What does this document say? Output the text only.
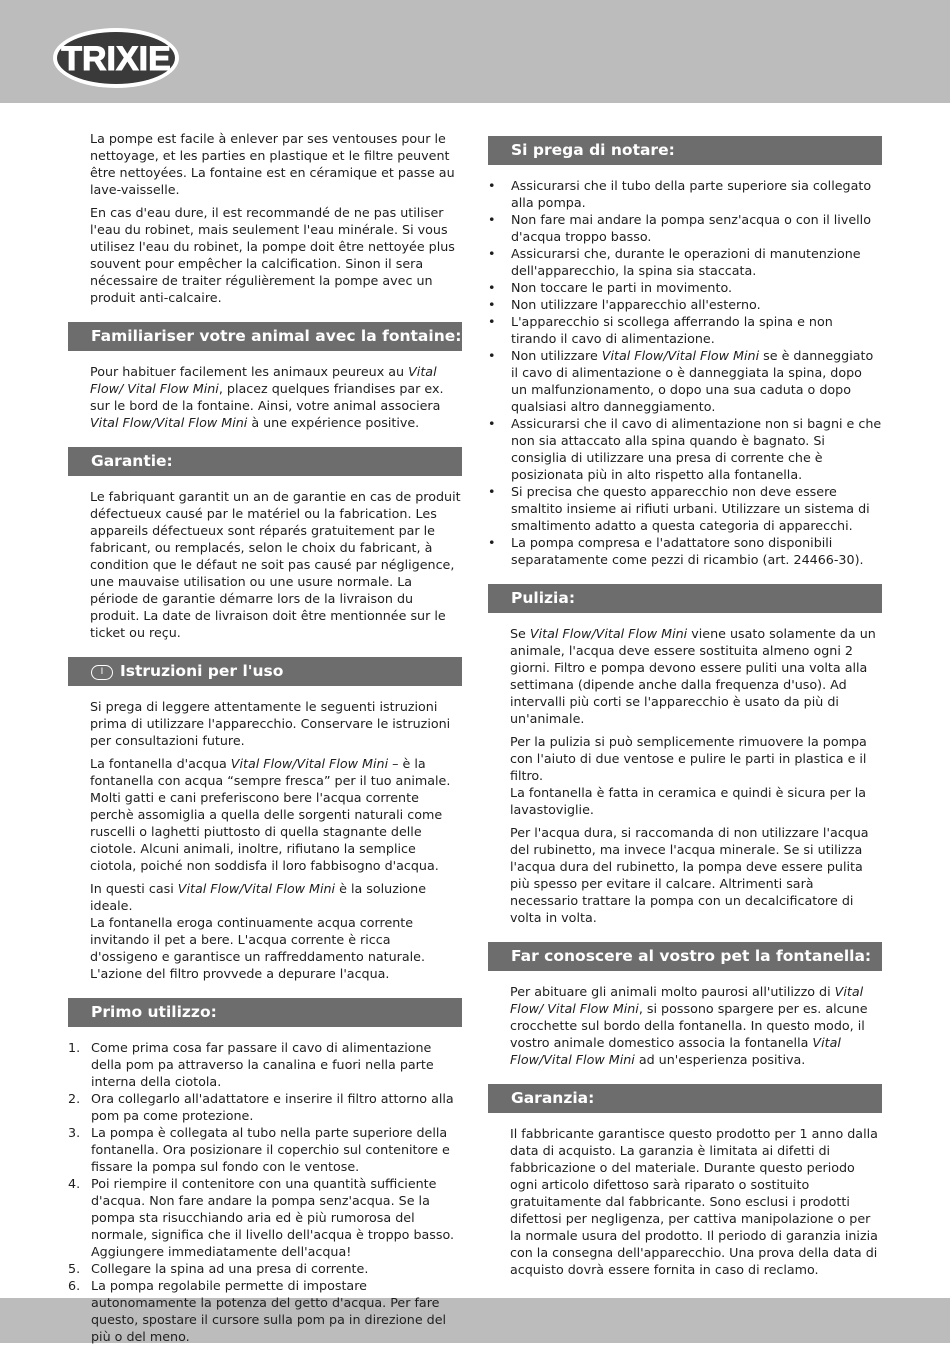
TRIXIE

La pompe est facile à enlever par ses ventouses pour le nettoyage, et les parties en plastique et le filtre peuvent être nettoyées. La fontaine est en céramique et passe au lave-vaisselle.

En cas d'eau dure, il est recommandé de ne pas utiliser l'eau du robinet, mais seulement l'eau minérale. Si vous utilisez l'eau du robinet, la pompe doit être nettoyée plus souvent pour empêcher la calcification. Sinon il sera nécessaire de traiter régulièrement la pompe avec un produit anti-calcaire.

Familiariser votre animal avec la fontaine:

Pour habituer facilement les animaux peureux au Vital Flow/ Vital Flow Mini, placez quelques friandises par ex. sur le bord de la fontaine. Ainsi, votre animal associera Vital Flow/Vital Flow Mini à une expérience positive.

Garantie:

Le fabriquant garantit un an de garantie en cas de produit défectueux causé par le matériel ou la fabrication. Les appareils défectueux sont réparés gratuitement par le fabricant, ou remplacés, selon le choix du fabricant, à condition que le défaut ne soit pas causé par négligence, une mauvaise utilisation ou une usure normale. La période de garantie démarre lors de la livraison du produit. La date de livraison doit être mentionnée sur le ticket ou reçu.

I Istruzioni per l'uso

Si prega di leggere attentamente le seguenti istruzioni prima di utilizzare l'apparecchio. Conservare le istruzioni per consultazioni future.

La fontanella d'acqua Vital Flow/Vital Flow Mini – è la fontanella con acqua “sempre fresca” per il tuo animale. Molti gatti e cani preferiscono bere l'acqua corrente perchè assomiglia a quella delle sorgenti naturali come ruscelli o laghetti piuttosto di quella stagnante delle ciotole. Alcuni animali, inoltre, rifiutano la semplice ciotola, poiché non soddisfa il loro fabbisogno d'acqua.

In questi casi Vital Flow/Vital Flow Mini è la soluzione ideale.
La fontanella eroga continuamente acqua corrente invitando il pet a bere. L'acqua corrente è ricca d'ossigeno e garantisce un raffreddamento naturale. L'azione del filtro provvede a depurare l'acqua.

Primo utilizzo:
1. Come prima cosa far passare il cavo di alimentazione della pom pa attraverso la canalina e fuori nella parte interna della ciotola.
2. Ora collegarlo all'adattatore e inserire il filtro attorno alla pom pa come protezione.
3. La pompa è collegata al tubo nella parte superiore della fontanella. Ora posizionare il coperchio sul contenitore e fissare la pompa sul fondo con le ventose.
4. Poi riempire il contenitore con una quantità sufficiente d'acqua. Non fare andare la pompa senz'acqua. Se la pompa sta risucchiando aria ed è più rumorosa del normale, significa che il livello dell'acqua è troppo basso. Aggiungere immediatamente dell'acqua!
5. Collegare la spina ad una presa di corrente.
6. La pompa regolabile permette di impostare autonomamente la potenza del getto d'acqua. Per fare questo, spostare il cursore sulla pom pa in direzione del più o del meno.
Si prega di notare:
•	Assicurarsi che il tubo della parte superiore sia collegato alla pompa.
•	Non fare mai andare la pompa senz'acqua o con il livello d'acqua troppo basso.
•	Assicurarsi che, durante le operazioni di manutenzione dell'apparecchio, la spina sia staccata.
•	Non toccare le parti in movimento.
•	Non utilizzare l'apparecchio all'esterno.
•	L'apparecchio si scollega afferrando la spina e non tirando il cavo di alimentazione.
•	Non utilizzare Vital Flow/Vital Flow Mini se è danneggiato il cavo di alimentazione o è danneggiata la spina, dopo un malfunzionamento, o dopo una sua caduta o dopo qualsiasi altro danneggiamento.
•	Assicurarsi che il cavo di alimentazione non si bagni e che non sia attaccato alla spina quando è bagnato. Si consiglia di utilizzare una presa di corrente che è posizionata più in alto rispetto alla fontanella.
•	Si precisa che questo apparecchio non deve essere smaltito insieme ai rifiuti urbani. Utilizzare un sistema di smaltimento adatto a questa categoria di apparecchi.
•	La pompa compresa e l'adattatore sono disponibili separatamente come pezzi di ricambio (art. 24466-30).
Pulizia:

Se Vital Flow/Vital Flow Mini viene usato solamente da un animale, l'acqua deve essere sostituita almeno ogni 2 giorni. Filtro e pompa devono essere puliti una volta alla settimana (dipende anche dalla frequenza d'uso). Ad intervalli più corti se l'apparecchio è usato da più di un'animale.

Per la pulizia si può semplicemente rimuovere la pompa con l'aiuto di due ventose e pulire le parti in plastica e il filtro.
La fontanella è fatta in ceramica e quindi è sicura per la lavastoviglie.

Per l'acqua dura, si raccomanda di non utilizzare l'acqua del rubinetto, ma invece l'acqua minerale. Se si utilizza l'acqua dura del rubinetto, la pompa deve essere pulita più spesso per evitare il calcare. Altrimenti sarà necessario trattare la pompa con un decalcificatore di volta in volta.

Far conoscere al vostro pet la fontanella:

Per abituare gli animali molto paurosi all'utilizzo di Vital Flow/ Vital Flow Mini, si possono spargere per es. alcune crocchette sul bordo della fontanella. In questo modo, il vostro animale domestico associa la fontanella Vital Flow/Vital Flow Mini ad un'esperienza positiva.

Garanzia:

Il fabbricante garantisce questo prodotto per 1 anno dalla data di acquisto. La garanzia è limitata ai difetti di fabbricazione o del materiale. Durante questo periodo ogni articolo difettoso sarà riparato o sostituito gratuitamente dal fabbricante. Sono esclusi i prodotti difettosi per negligenza, per cattiva manipolazione o per la normale usura del prodotto. Il periodo di garanzia inizia con la consegna dell'apparecchio. Una prova della data di acquisto dovrà essere fornita in caso di reclamo.
